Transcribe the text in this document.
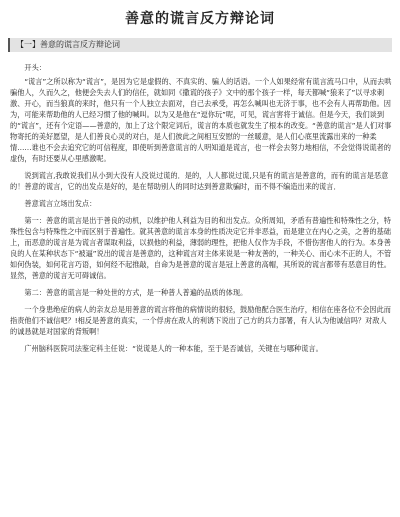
善意的谎言反方辩论词
【一】善意的谎言反方辩论词

开头：

“谎言”之所以称为“谎言”，是因为它是虚假的、不真实的、骗人的话语。一个人如果经常有谎言流马口中，从而去哄骗他人，久而久之，他便会失去人们的信任，就如同《撒谎的孩子》文中的那个孩子一样，每天都喊“狼来了”以寻求刺激、开心，而当狼真的来时，他只有一个人独立去面对，自己去承受，再怎么喊叫也无济于事，也不会有人再帮助他。因为，可能来帮助他的人已经习惯了他的喊叫。以为又是他在“逗你玩”呢，可见，谎言害将于诚信。但是今天，我们谈到的“谎言”，还有个定语——善意的，加上了这个限定词后，谎言的本质也就发生了根本的改变。“善意的谎言”是人们对事物寄托的美好愿望，是人们善良心灵的对白，是人们彼此之间相互安慰的一丝暖意，是人们心底里流露出来的一种柔情……谁也不会去追究它的可信程度，即使听到善意谎言的人明知道是谎言，也一样会去努力地相信，不会觉得说谎者的虚伪，有时还要从心里感激呢。

说到谎言,我敢说我们从小到大没有人没说过谎的．是的，人人都说过谎,只是有的谎言是善意的，而有的谎言是恶意的！善意的谎言，它的出发点是好的，是在帮助别人的同时达到善意欺骗时，而不得不编造出来的谎言．

善意谎言立场出发点：

第一：善意的谎言是出于善良的动机，以维护他人利益为目的和出发点。众所周知，矛盾有普遍性和特殊性之分，特殊性包含与特殊性之中而区别于普遍性。就其善意的谎言本身的性质决定它并非恶益，而是建立在内心之美，之善的基础上，而恶意的谎言是为谎言者谋取利益，以损他的利益，薄弱的理性，把他人仅作为手段，不惜伤害他人的行为。本身善良的人在某种状态下“被逼”说出的谎言是善意的，这种谎言对主体来说是一种友善的，一种关心、而心未不正的人，不管如何伪装，如何花言巧语，如何经不起推敲，自命为是善意的谎言是冠上善意的高帽，其所说的谎言都带有恶意目的性。显然，善意的谎言无可碍诚信。

第二：善意的谎言是一种处世的方式，是一种普人普遍的品质的体现。

一个身患绝症的病人的亲友总是用善意的谎言将他的病情说的很轻，鼓励他配合医生治疗，相信在座各位不会因此而指责他们不诚信吧？!相反是善意的真实，一个俘虏在敌人的利诱下说出了己方的兵力部署，有人认为他诚信吗？对敌人的诚恳就是对国家的背叛啊！

广州脑科医院司法鉴定科主任说：“说谎是人的一种本能，至于是否诚信，关键在与哪种谎言。
